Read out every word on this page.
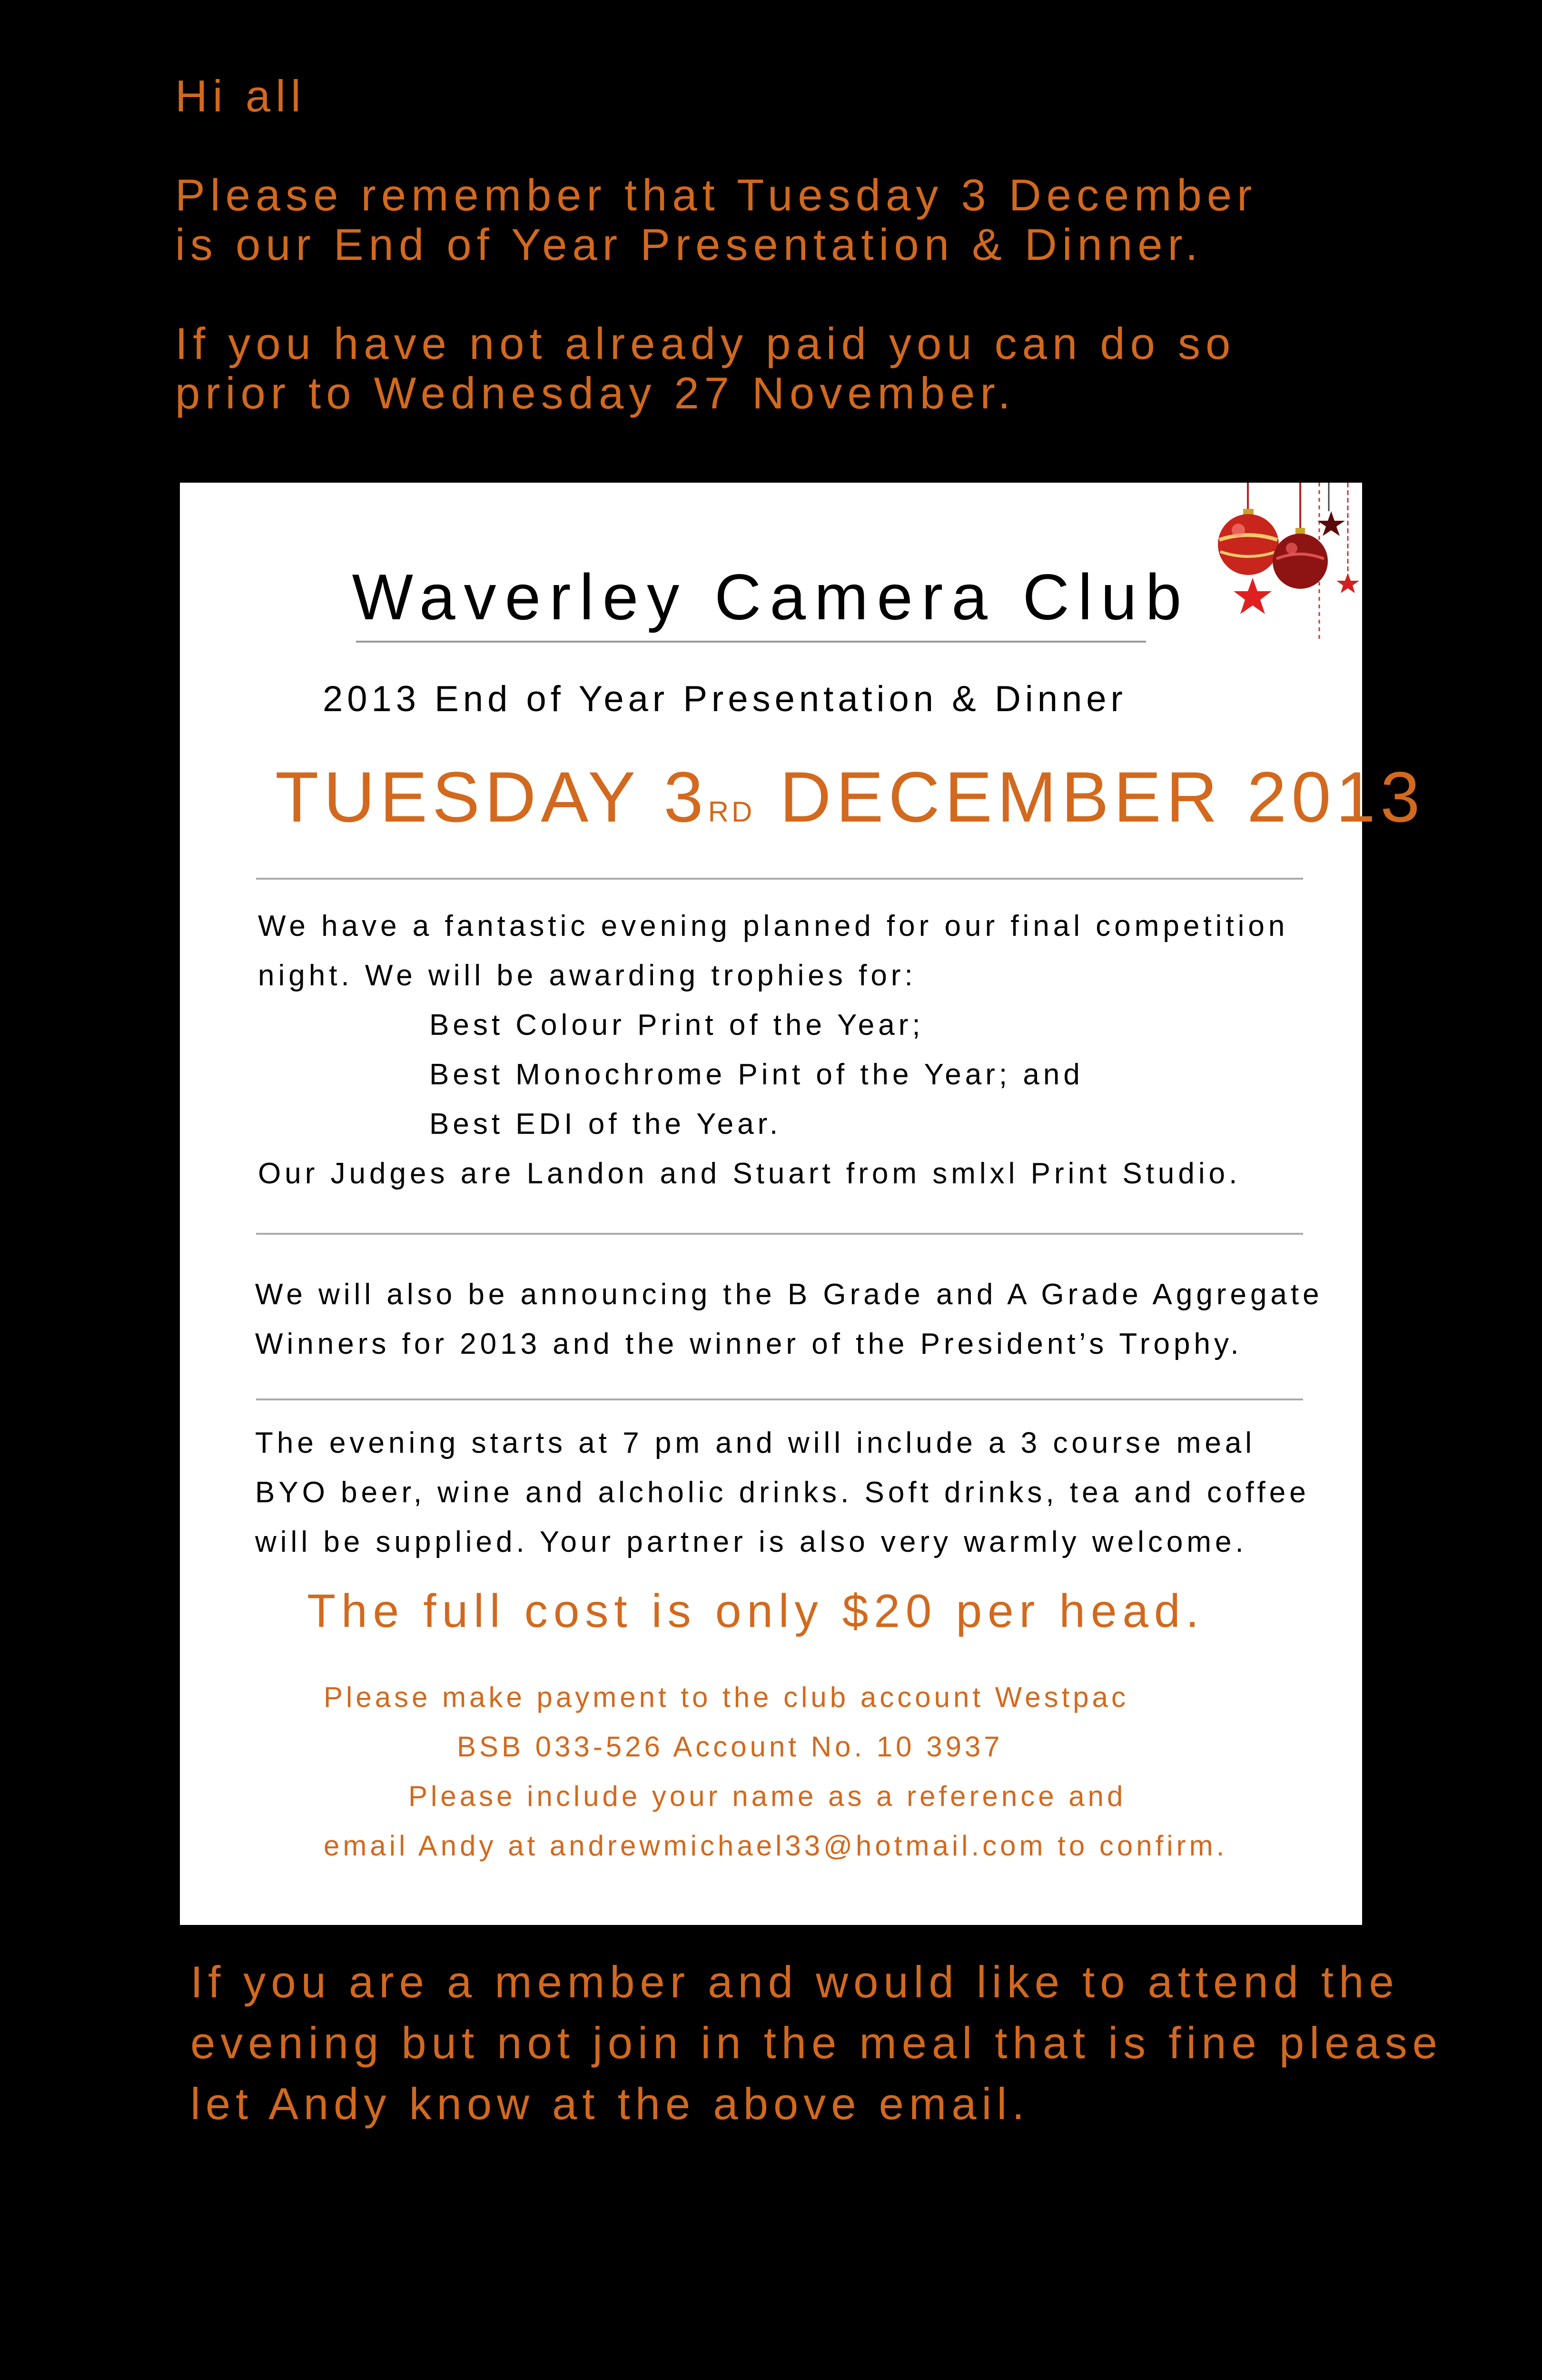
Hi all

Please remember that Tuesday 3 December

is our End of Year Presentation & Dinner.

If you have not already paid you can do so

prior to Wednesday 27 November.

Waverley Camera Club
2013 End of Year Presentation & Dinner
TUESDAY 3RD DECEMBER 2013

We have a fantastic evening planned for our final competition

night. We will be awarding trophies for:

Best Colour Print of the Year;

Best Monochrome Pint of the Year; and

Best EDI of the Year.

Our Judges are Landon and Stuart from smlxl Print Studio.

We will also be announcing the B Grade and A Grade Aggregate

Winners for 2013 and the winner of the President’s Trophy.

The evening starts at 7 pm and will include a 3 course meal

BYO beer, wine and alcholic drinks. Soft drinks, tea and coffee

will be supplied. Your partner is also very warmly welcome.

The full cost is only $20 per head.

Please make payment to the club account Westpac

BSB 033-526 Account No. 10 3937

Please include your name as a reference and

email Andy at andrewmichael33@hotmail.com to confirm.

If you are a member and would like to attend the

evening but not join in the meal that is fine please

let Andy know at the above email.
